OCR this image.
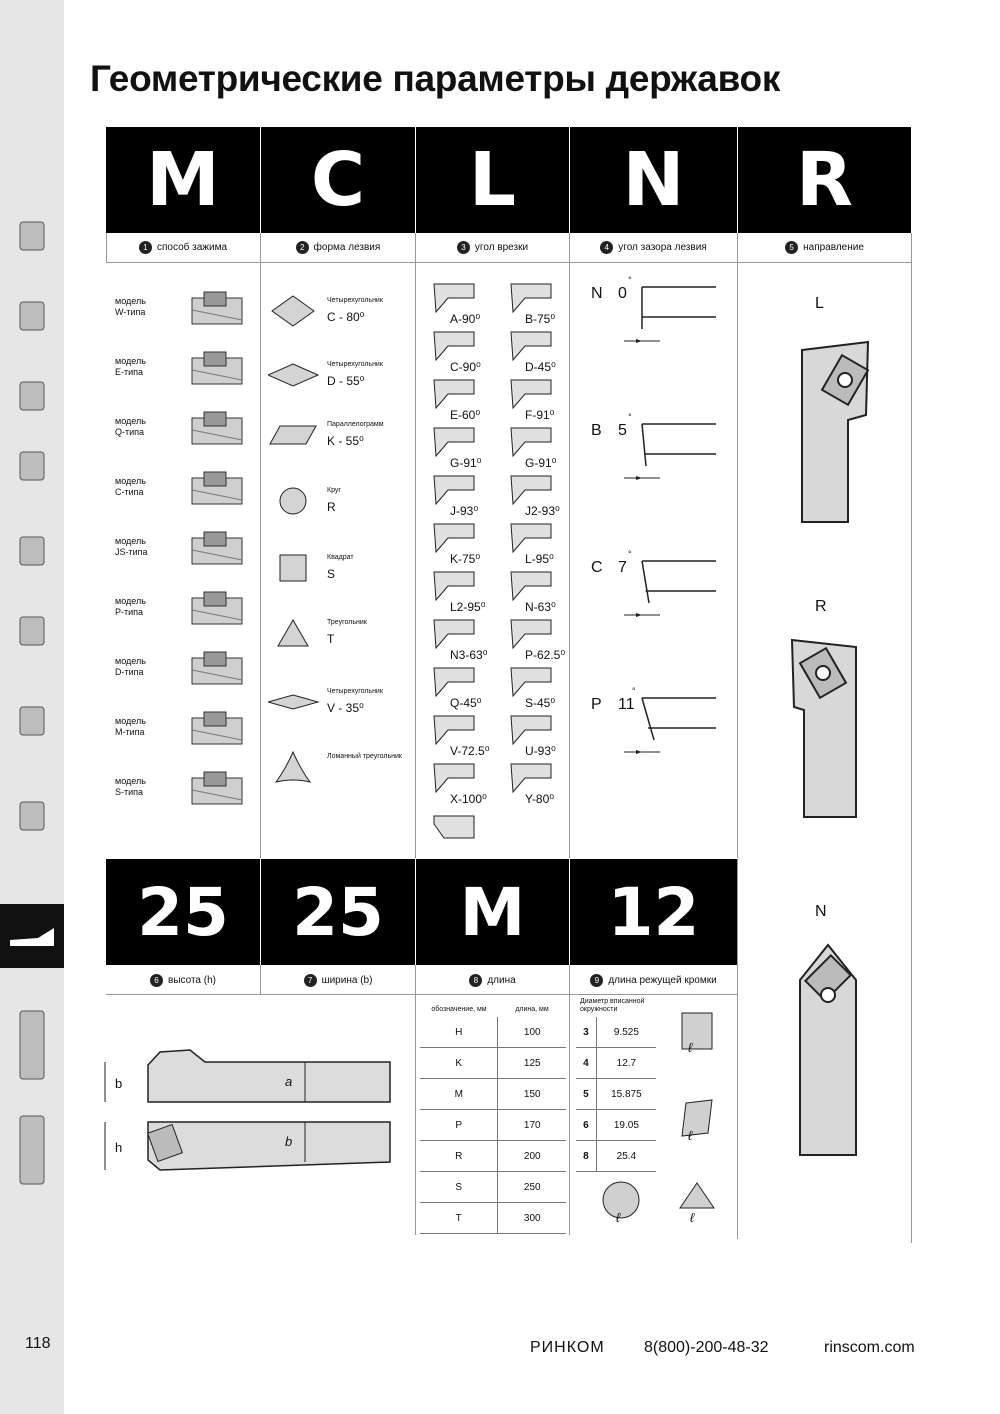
Геометрические параметры державок
M	C	L	N	R
1 способ зажима	2 форма лезвия	3 угол врезки	4 угол зазора лезвия	5 направление
модель
W-типа
модель
E-типа
модель
Q-типа
модель
C-типа
модель
JS-типа
модель
P-типа
модель
D-типа
модель
M-типа
модель
S-типа
Четырехугольник
C - 80⁰
Четырехугольник
D - 55⁰
Параллелограмм
K - 55⁰
Круг
R
Квадрат
S
Треугольник
T
Четырехугольник
V - 35⁰
Ломанный треугольник
A-90⁰	B-75⁰
C-90⁰	D-45⁰
E-60⁰	F-91⁰
G-91⁰	G-91⁰
J-93⁰	J2-93⁰
K-75⁰	L-95⁰
L2-95⁰	N-63⁰
N3-63⁰	P-62.5⁰
Q-45⁰	S-45⁰
V-72.5⁰	U-93⁰
X-100⁰	Y-80⁰
N 0
°
B 5
°
C 7
°
P 11
°
L
R
N
25 25	M	12
6 высота (h)	7 ширина (b)	8 длина	9 длина режущей кромки
b	a
h	b
обозначение, мм	длина, мм
H	100
K	125
M	150
P	170
R	200
S	250
T	300
Диаметр вписанной окружности
3	9.525
4	12.7
5	15.875
6	19.05
8	25.4
ℓ
ℓ
ℓ	ℓ
118	РИНКОМ 8(800)-200-48-32	rinscom.com
